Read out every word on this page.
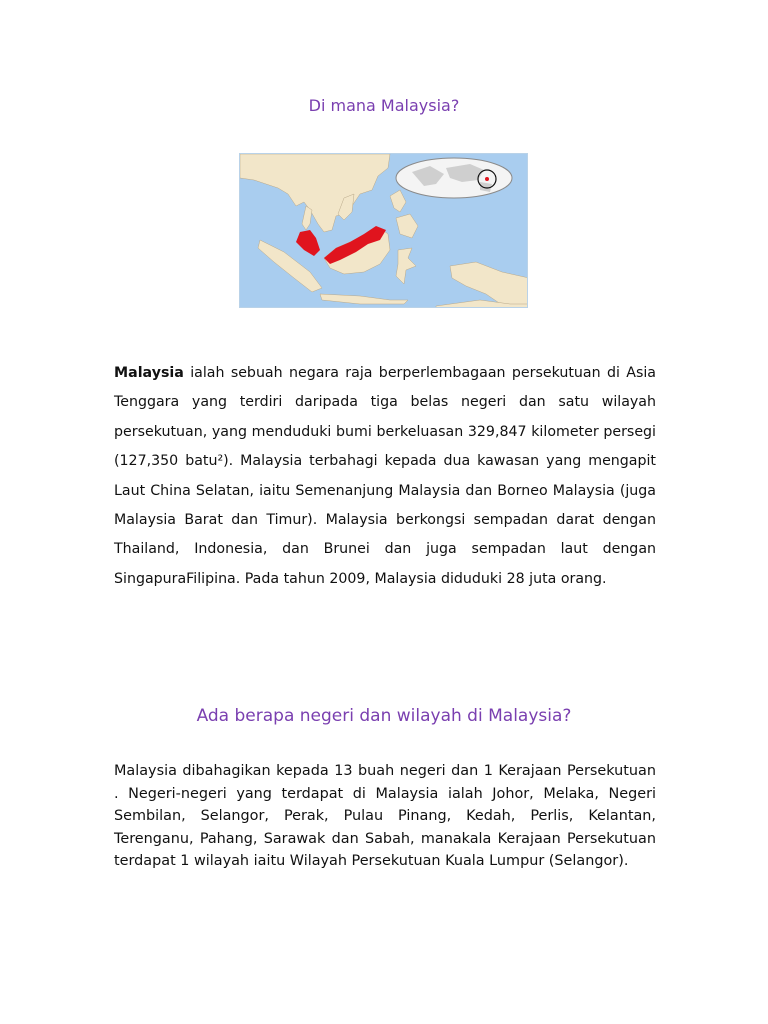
Di mana Malaysia?

Malaysia ialah sebuah negara raja berperlembagaan persekutuan di Asia Tenggara yang terdiri daripada tiga belas negeri dan satu wilayah persekutuan, yang menduduki bumi berkeluasan 329,847 kilometer persegi (127,350 batu²). Malaysia terbahagi kepada dua kawasan yang mengapit Laut China Selatan, iaitu Semenanjung Malaysia dan Borneo Malaysia (juga Malaysia Barat dan Timur). Malaysia berkongsi sempadan darat dengan Thailand, Indonesia, dan Brunei dan juga sempadan laut dengan SingapuraFilipina. Pada tahun 2009, Malaysia diduduki 28 juta orang.

Ada berapa negeri dan wilayah di Malaysia?

Malaysia dibahagikan kepada 13 buah negeri dan 1 Kerajaan Persekutuan . Negeri-negeri yang terdapat di Malaysia ialah Johor, Melaka, Negeri Sembilan, Selangor, Perak, Pulau Pinang, Kedah, Perlis, Kelantan, Terenganu, Pahang, Sarawak dan Sabah, manakala Kerajaan Persekutuan terdapat 1 wilayah iaitu Wilayah Persekutuan Kuala Lumpur (Selangor).
